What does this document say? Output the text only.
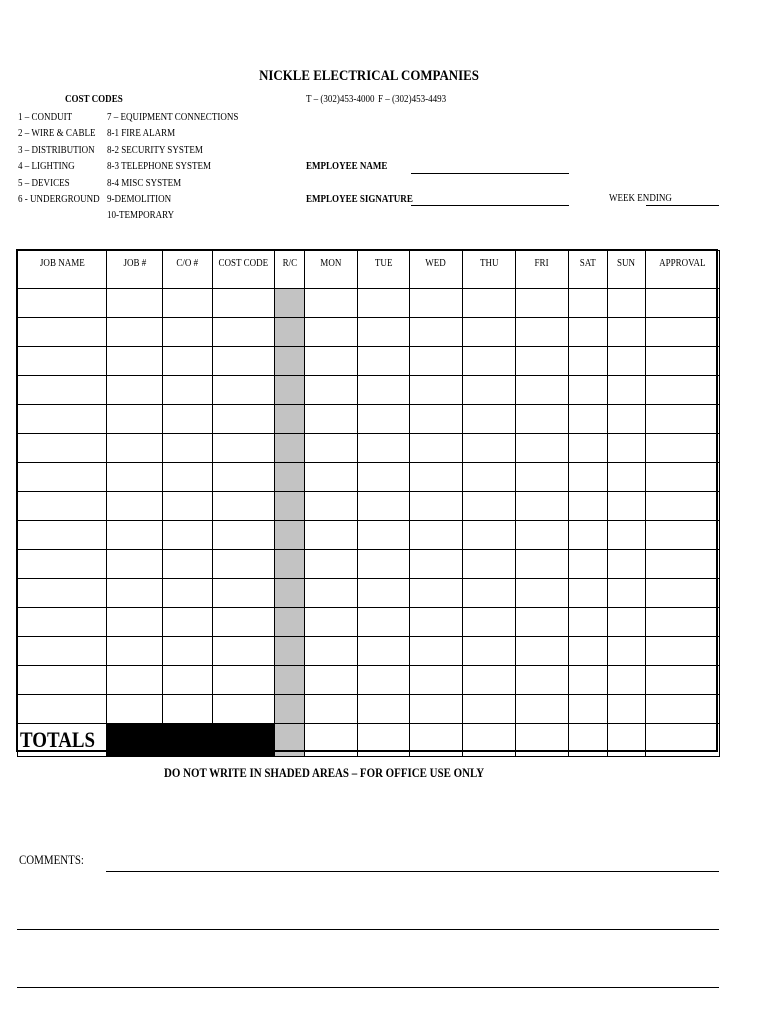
NICKLE ELECTRICAL COMPANIES
COST CODES	T – (302)453-4000 F – (302)453-4493
1 – CONDUIT
2 – WIRE & CABLE
3 – DISTRIBUTION
4 – LIGHTING
5 – DEVICES
6 - UNDERGROUND
7 – EQUIPMENT CONNECTIONS
8-1 FIRE ALARM
8-2 SECURITY SYSTEM
8-3 TELEPHONE SYSTEM
8-4 MISC SYSTEM
9-DEMOLITION
10-TEMPORARY
EMPLOYEE NAME
EMPLOYEE SIGNATURE	WEEK ENDING
JOB NAME	JOB #	C/O #	COST CODE	R/C	MON	TUE	WED	THU	FRI	SAT	SUN	APPROVAL

TOTALS												
DO NOT WRITE IN SHADED AREAS – FOR OFFICE USE ONLY
COMMENTS:
